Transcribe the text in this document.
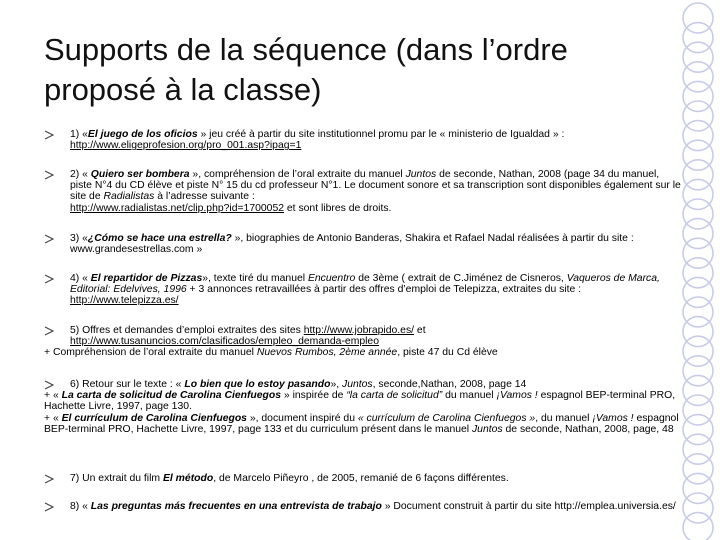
Supports de la séquence (dans l’ordre proposé à la classe)
1) «El juego de los oficios » jeu créé à partir du site institutionnel promu par le « ministerio de Igualdad » :
http://www.eligeprofesion.org/pro_001.asp?ipag=1
2) « Quiero ser bombera », compréhension de l’oral extraite du manuel Juntos de seconde, Nathan, 2008 (page 34 du manuel, piste N°4 du CD élève et piste N° 15 du cd professeur N°1. Le document sonore et sa transcription sont disponibles également sur le site de Radialistas à l’adresse suivante :
http://www.radialistas.net/clip.php?id=1700052 et sont libres de droits.
3) «¿Cómo se hace una estrella? », biographies de Antonio Banderas, Shakira et Rafael Nadal réalisées à partir du site : www.grandesestrellas.com »
4) « El repartidor de Pizzas», texte tiré du manuel Encuentro de 3ème ( extrait de C.Jiménez de Cisneros, Vaqueros de Marca, Editorial: Edelvives, 1996 + 3 annonces retravaillées à partir des offres d’emploi de Telepizza, extraites du site : http://www.telepizza.es/
5) Offres et demandes d’emploi extraites des sites http://www.jobrapido.es/ et
http://www.tusanuncios.com/clasificados/empleo_demanda-empleo
+ Compréhension de l’oral extraite du manuel Nuevos Rumbos, 2ème année, piste 47 du Cd élève
6) Retour sur le texte : « Lo bien que lo estoy pasando», Juntos, seconde,Nathan, 2008, page 14
+ « La carta de solicitud de Carolina Cienfuegos » inspirée de “la carta de solicitud” du manuel ¡Vamos ! espagnol BEP-terminal PRO, Hachette Livre, 1997, page 130.
+ « El currículum de Carolina Cienfuegos », document inspiré du « currículum de Carolina Cienfuegos », du manuel ¡Vamos ! espagnol BEP-terminal PRO, Hachette Livre, 1997, page 133 et du curriculum présent dans le manuel Juntos de seconde, Nathan, 2008, page, 48
7) Un extrait du film El método, de Marcelo Piñeyro , de 2005, remanié de 6 façons différentes.
8) « Las preguntas más frecuentes en una entrevista de trabajo » Document construit à partir du site http://emplea.universia.es/
